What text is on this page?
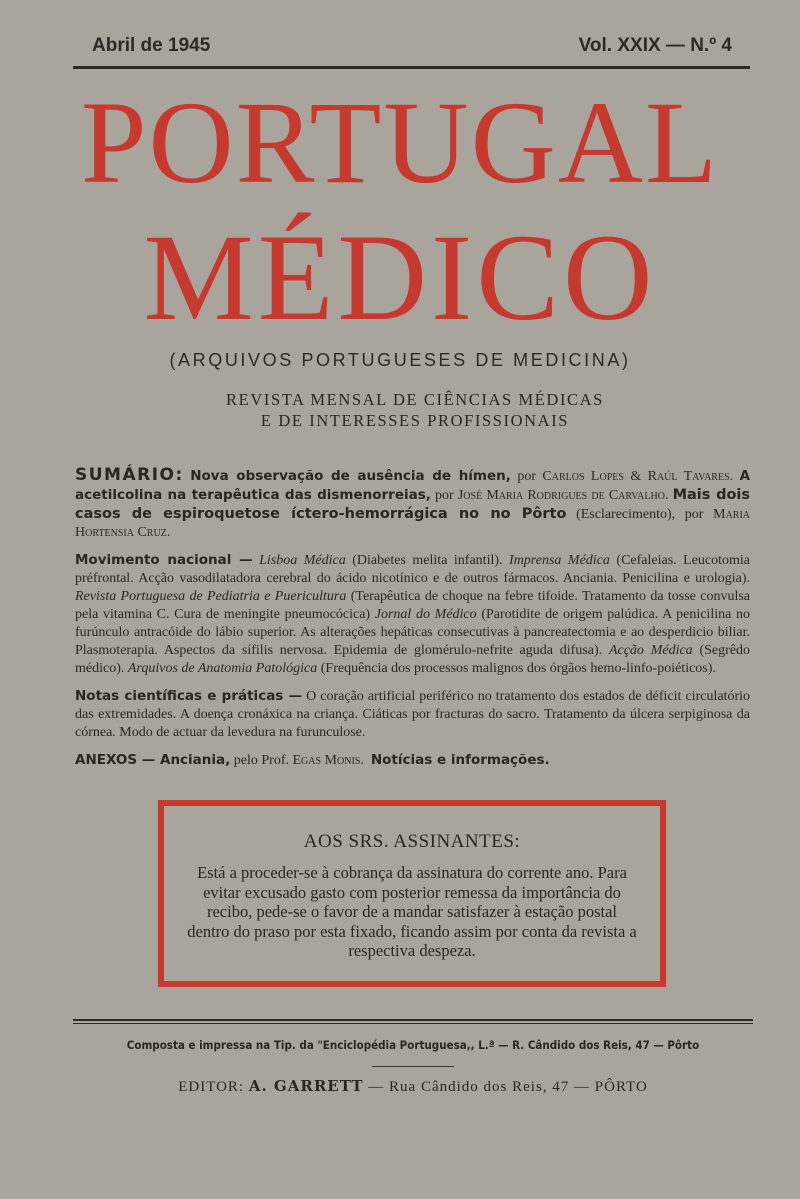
Abril de 1945	Vol. XXIX — N.º 4
PORTUGAL
MÉDICO
(ARQUIVOS PORTUGUESES DE MEDICINA)
REVISTA MENSAL DE CIÊNCIAS MÉDICAS
E DE INTERESSES PROFISSIONAIS
SUMÁRIO: Nova observação de ausência de hímen, por Carlos Lopes & Raúl Tavares. A acetilcolina na terapêutica das dismenorreias, por José Maria Rodrigues de Carvalho. Mais dois casos de espiroquetose íctero-hemorrágica no no Pôrto (Esclarecimento), por Maria Hortensia Cruz.
Movimento nacional — Lisboa Médica (Diabetes melita infantil). Imprensa Médica (Cefaleias. Leucotomia préfrontal. Acção vasodilatadora cerebral do ácido nicotínico e de outros fármacos. Anciania. Penicilina e urologia). Revista Portuguesa de Pediatria e Puericultura (Terapêutica de choque na febre tifoide. Tratamento da tosse convulsa pela vitamina C. Cura de meningite pneumocócica) Jornal do Médico (Parotidite de origem palúdica. A penicilina no furúnculo antracóide do lábio superior. As alterações hepáticas consecutivas à pancreatectomia e ao desperdicio biliar. Plasmoterapia. Aspectos da sífilis nervosa. Epidemia de glomérulo-nefrite aguda difusa). Acção Médica (Segrêdo médico). Arquivos de Anatomia Patológica (Frequência dos processos malignos dos órgãos hemo-linfo-poiéticos).
Notas científicas e práticas — O coração artificial periférico no tratamento dos estados de déficit circulatório das extremidades. A doença cronáxica na criança. Ciáticas por fracturas do sacro. Tratamento da úlcera serpiginosa da córnea. Modo de actuar da levedura na furunculose.
ANEXOS — Anciania, pelo Prof. Egas Monis. Notícias e informações.
AOS SRS. ASSINANTES:
Está a proceder-se à cobrança da assinatura do corrente ano. Para evitar excusado gasto com posterior remessa da importância do recibo, pede-se o favor de a mandar satisfazer à estação postal dentro do praso por esta fixado, ficando assim por conta da revista a respectiva despeza.
Composta e impressa na Tip. da "Enciclopédia Portuguesa,, L.ª — R. Cândido dos Reis, 47 — Pôrto
EDITOR: A. GARRETT — Rua Cândido dos Reis, 47 — PÔRTO
